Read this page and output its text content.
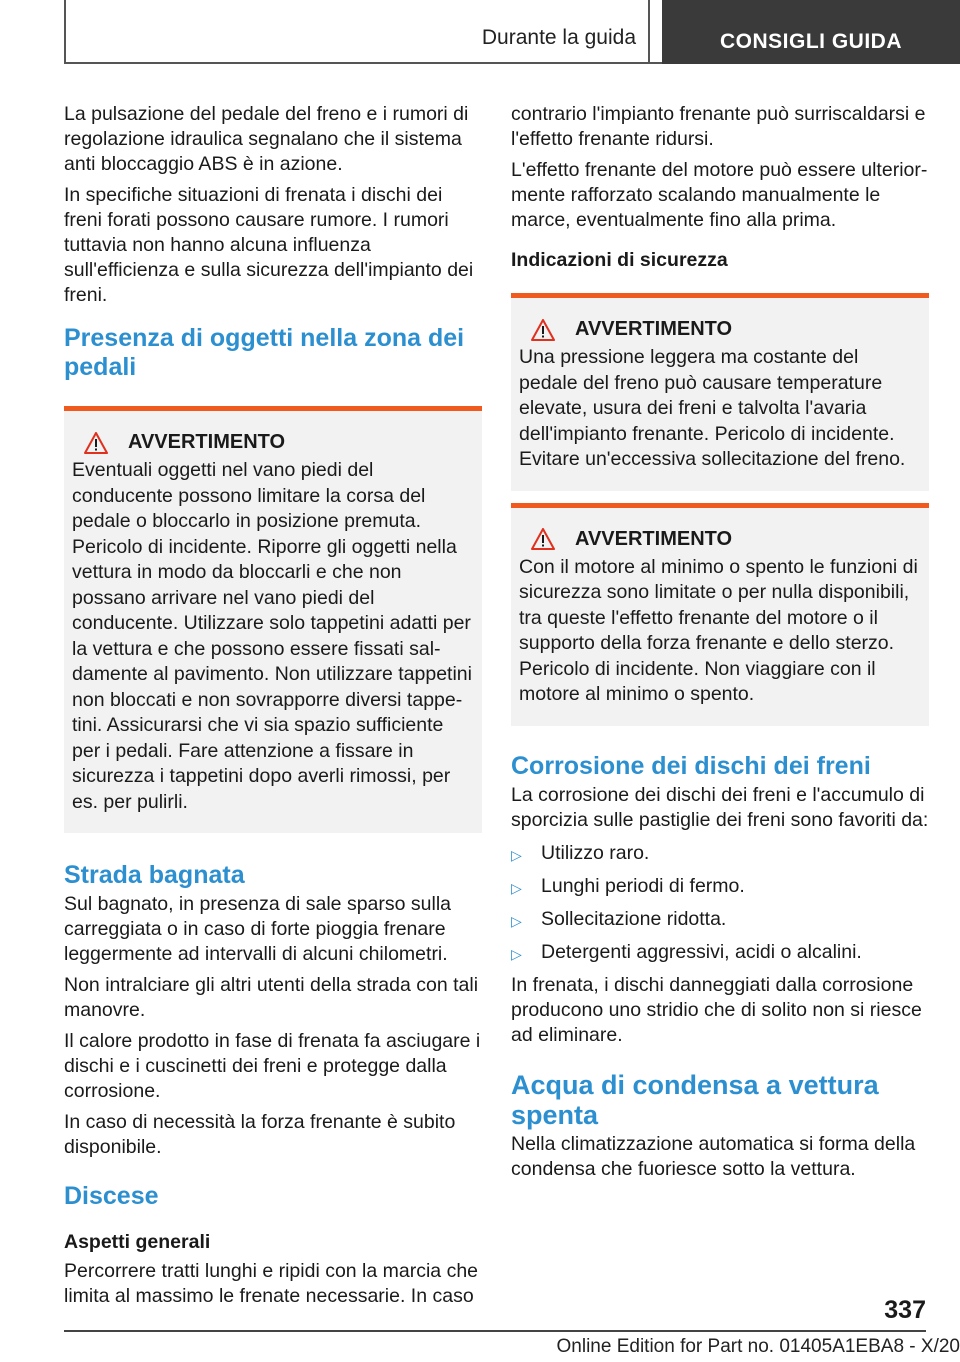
Durante la guida	CONSIGLI GUIDA

La pulsazione del pedale del freno e i rumori di regolazione idraulica segnalano che il sistema anti bloccaggio ABS è in azione.

In specifiche situazioni di frenata i dischi dei freni forati possono causare rumore. I rumori tuttavia non hanno alcuna influenza sull'efficienza e sulla sicurezza dell'impianto dei freni.

Presenza di oggetti nella zona dei pedali
AVVERTIMENTO
Eventuali oggetti nel vano piedi del conducente possono limitare la corsa del pedale o bloccarlo in posizione premuta. Pericolo di incidente. Riporre gli oggetti nella vettura in modo da bloccarli e che non possano arrivare nel vano piedi del conducente. Utilizzare solo tappetini adatti per la vettura e che possono essere fissati saldamente al pavimento. Non utilizzare tappetini non bloccati e non sovrapporre diversi tappetini. Assicurarsi che vi sia spazio sufficiente per i pedali. Fare attenzione a fissare in sicurezza i tappetini dopo averli rimossi, per es. per pulirli.
Strada bagnata

Sul bagnato, in presenza di sale sparso sulla carreggiata o in caso di forte pioggia frenare leggermente ad intervalli di alcuni chilometri.

Non intralciare gli altri utenti della strada con tali manovre.

Il calore prodotto in fase di frenata fa asciugare i dischi e i cuscinetti dei freni e protegge dalla corrosione.

In caso di necessità la forza frenante è subito disponibile.

Discese
Aspetti generali

Percorrere tratti lunghi e ripidi con la marcia che limita al massimo le frenate necessarie. In caso

contrario l'impianto frenante può surriscaldarsi e l'effetto frenante ridursi.

L'effetto frenante del motore può essere ulteriormente rafforzato scalando manualmente le marce, eventualmente fino alla prima.

Indicazioni di sicurezza
AVVERTIMENTO
Una pressione leggera ma costante del pedale del freno può causare temperature elevate, usura dei freni e talvolta l'avaria dell'impianto frenante. Pericolo di incidente. Evitare un'eccessiva sollecitazione del freno.
AVVERTIMENTO
Con il motore al minimo o spento le funzioni di sicurezza sono limitate o per nulla disponibili, tra queste l'effetto frenante del motore o il supporto della forza frenante e dello sterzo. Pericolo di incidente. Non viaggiare con il motore al minimo o spento.
Corrosione dei dischi dei freni

La corrosione dei dischi dei freni e l'accumulo di sporcizia sulle pastiglie dei freni sono favoriti da:

▷ Utilizzo raro.
▷ Lunghi periodi di fermo.
▷ Sollecitazione ridotta.
▷ Detergenti aggressivi, acidi o alcalini.

In frenata, i dischi danneggiati dalla corrosione producono uno stridio che di solito non si riesce ad eliminare.

Acqua di condensa a vettura spenta

Nella climatizzazione automatica si forma della condensa che fuoriesce sotto la vettura.

337
Online Edition for Part no. 01405A1EBA8 - X/20
